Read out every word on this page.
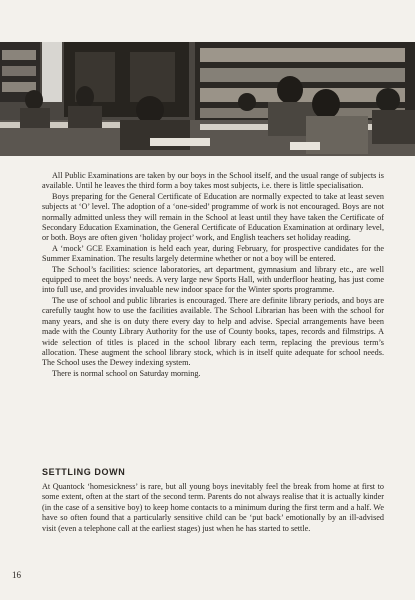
All Public Examinations are taken by our boys in the School itself, and the usual range of subjects is available. Until he leaves the third form a boy takes most subjects, i.e. there is little specialisation.

Boys preparing for the General Certificate of Education are normally expected to take at least seven subjects at ‘O’ level. The adoption of a ‘one-sided’ programme of work is not encouraged. Boys are not normally admitted unless they will remain in the School at least until they have taken the Certificate of Secondary Education Examination, the General Certificate of Education Examination at ordinary level, or both. Boys are often given ‘holiday project’ work, and English teachers set holiday reading.

A ‘mock’ GCE Examination is held each year, during February, for prospective candidates for the Summer Examination. The results largely determine whether or not a boy will be entered.

The School’s facilities: science laboratories, art department, gymnasium and library etc., are well equipped to meet the boys’ needs. A very large new Sports Hall, with underfloor heating, has just come into full use, and provides invaluable new indoor space for the Winter sports programme.

The use of school and public libraries is encouraged. There are definite library periods, and boys are carefully taught how to use the facilities available. The School Librarian has been with the school for many years, and she is on duty there every day to help and advise. Special arrangements have been made with the County Library Authority for the use of County books, tapes, records and filmstrips. A wide selection of titles is placed in the school library each term, replacing the previous term’s allocation. These augment the school library stock, which is in itself quite adequate for school needs. The School uses the Dewey indexing system.

There is normal school on Saturday morning.

SETTLING DOWN

At Quantock ‘homesickness’ is rare, but all young boys inevitably feel the break from home at first to some extent, often at the start of the second term. Parents do not always realise that it is actually kinder (in the case of a sensitive boy) to keep home contacts to a minimum during the first term and a half. We have so often found that a particularly sensitive child can be ‘put back’ emotionally by an ill-advised visit (even a telephone call at the earliest stages) just when he has started to settle.

16
